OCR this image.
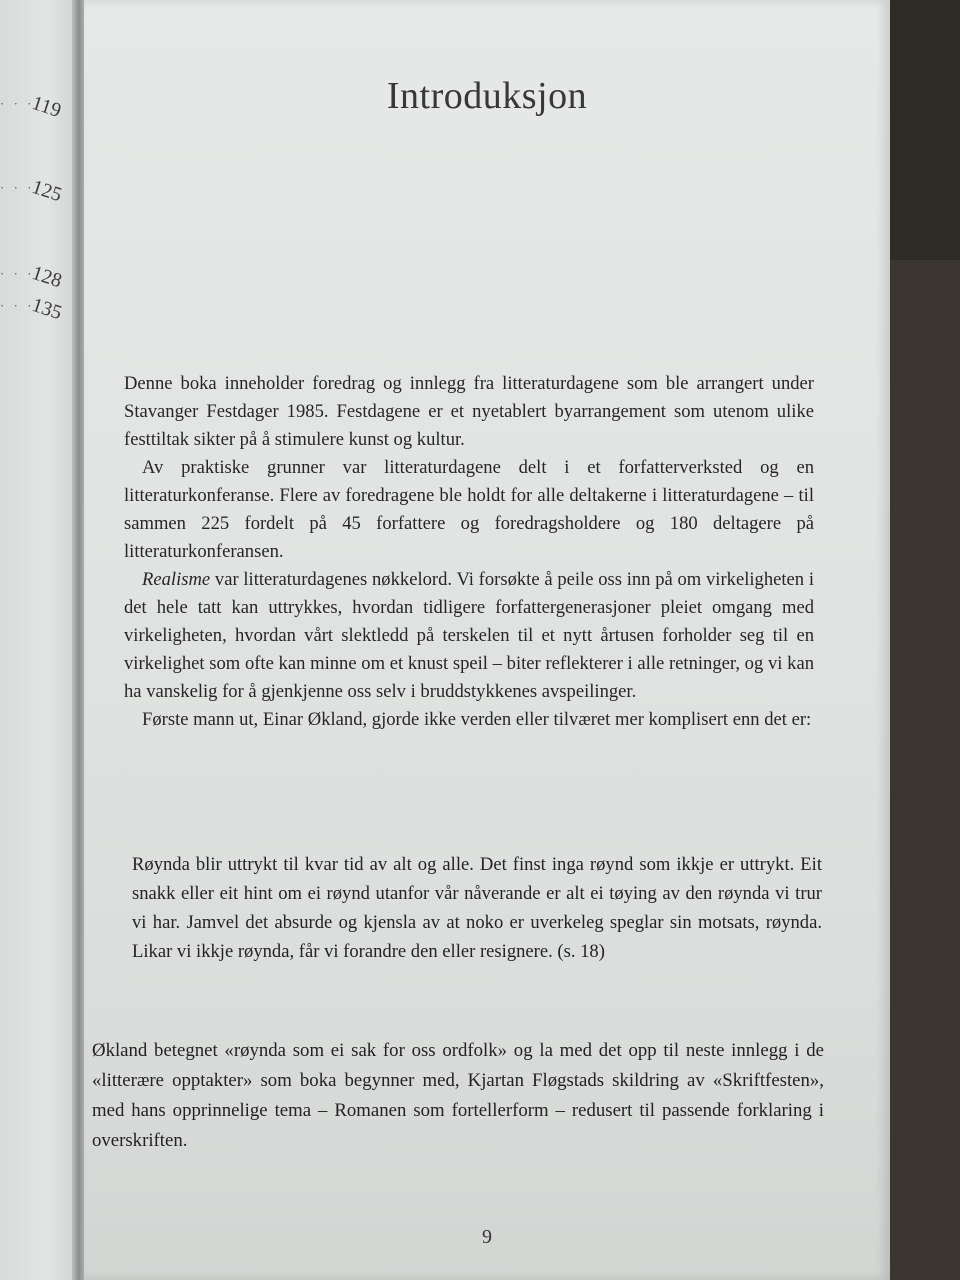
· · ·
119
· · ·
125
· · ·
128
· · ·
135
Introduksjon

Denne boka inneholder foredrag og innlegg fra litteraturdagene som ble arrangert under Stavanger Festdager 1985. Festdagene er et nyetablert byarrangement som utenom ulike festtiltak sikter på å stimulere kunst og kultur.

Av praktiske grunner var litteraturdagene delt i et forfatterverksted og en litteraturkonferanse. Flere av foredragene ble holdt for alle deltakerne i litteraturdagene – til sammen 225 fordelt på 45 forfattere og foredragsholdere og 180 deltagere på litteraturkonferansen.

Realisme var litteraturdagenes nøkkelord. Vi forsøkte å peile oss inn på om virkeligheten i det hele tatt kan uttrykkes, hvordan tidligere forfattergenerasjoner pleiet omgang med virkeligheten, hvordan vårt slektledd på terskelen til et nytt årtusen forholder seg til en virkelighet som ofte kan minne om et knust speil – biter reflekterer i alle retninger, og vi kan ha vanskelig for å gjenkjenne oss selv i bruddstykkenes avspeilinger.

Første mann ut, Einar Økland, gjorde ikke verden eller tilværet mer komplisert enn det er:

Røynda blir uttrykt til kvar tid av alt og alle. Det finst inga røynd som ikkje er uttrykt. Eit snakk eller eit hint om ei røynd utanfor vår nåverande er alt ei tøying av den røynda vi trur vi har. Jamvel det absurde og kjensla av at noko er uverkeleg speglar sin motsats, røynda. Likar vi ikkje røynda, får vi forandre den eller resignere. (s. 18)

Økland betegnet «røynda som ei sak for oss ordfolk» og la med det opp til neste innlegg i de «litterære opptakter» som boka begynner med, Kjartan Fløgstads skildring av «Skriftfesten», med hans opprinnelige tema – Romanen som fortellerform – redusert til passende forklaring i overskriften.

9
